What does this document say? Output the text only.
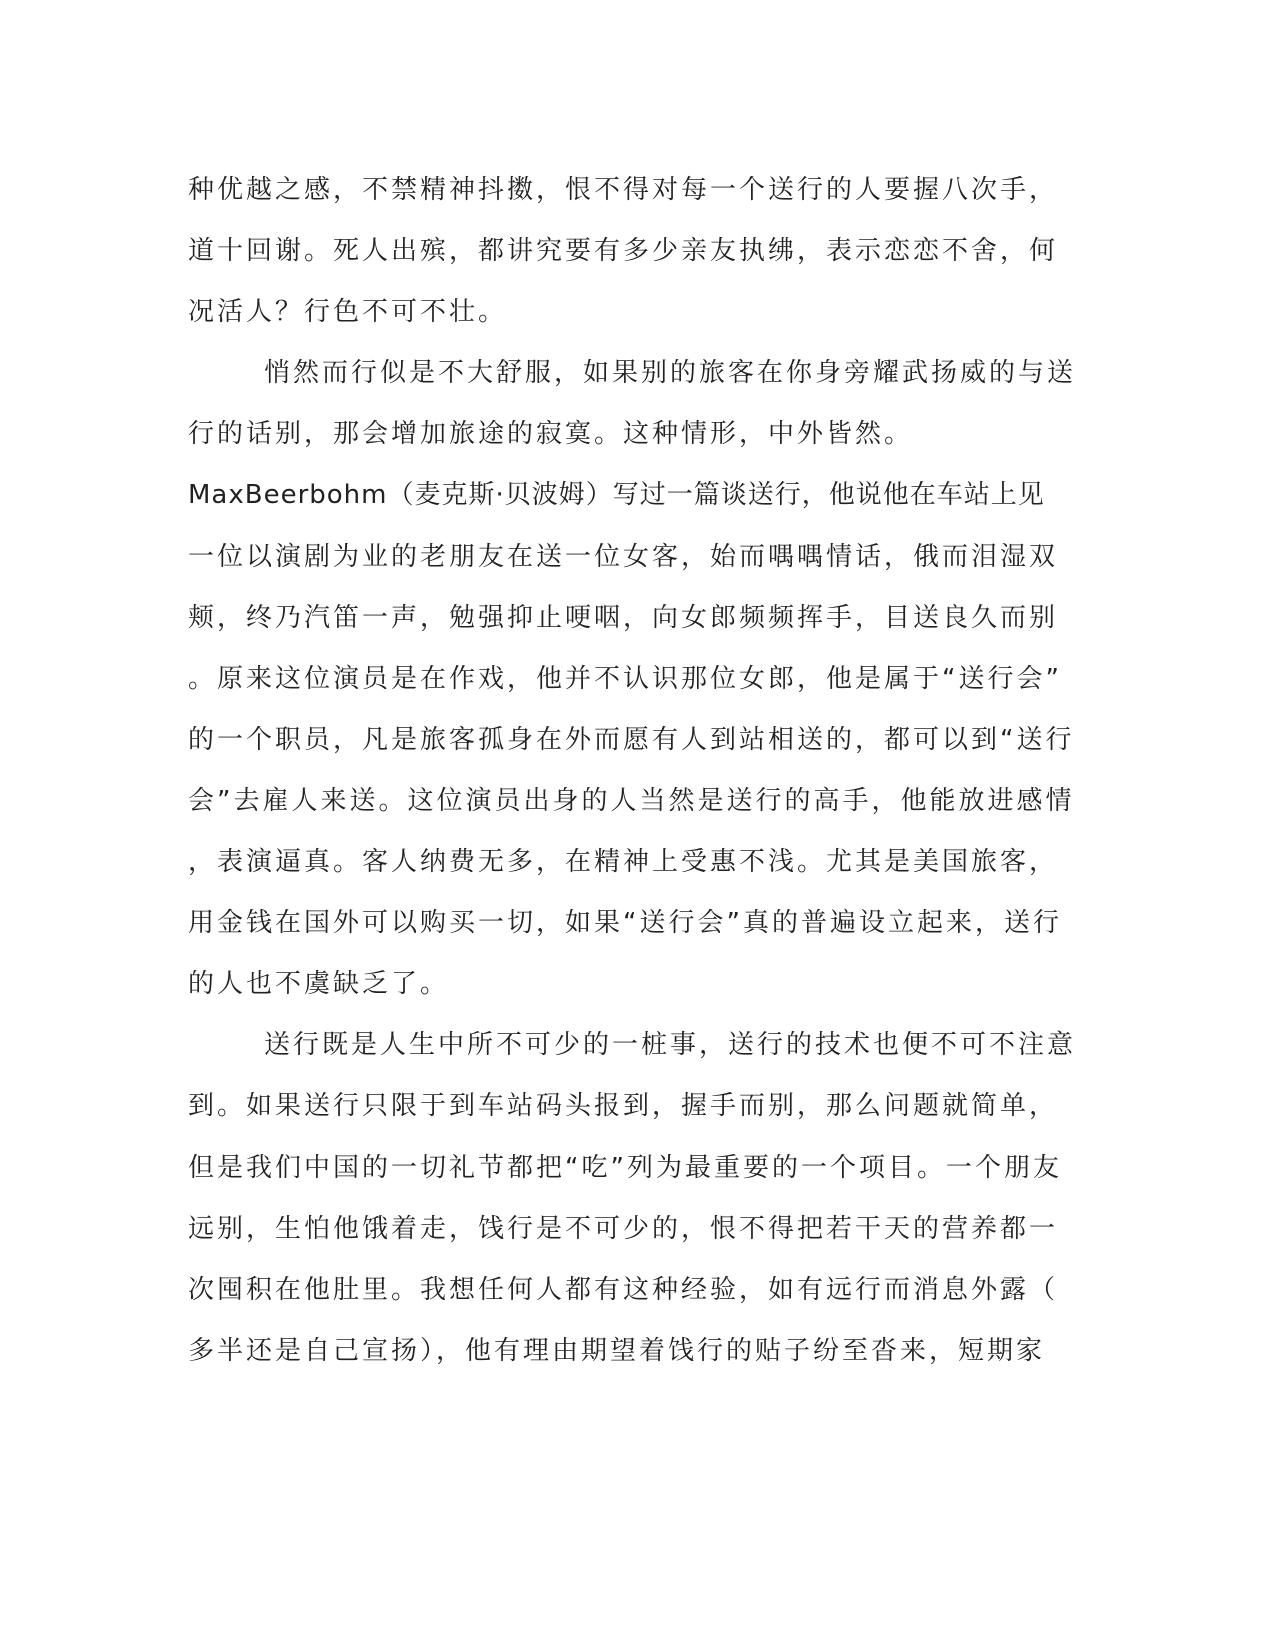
种优越之感，不禁精神抖擞，恨不得对每一个送行的人要握八次手，
道十回谢。死人出殡，都讲究要有多少亲友执绋，表示恋恋不舍，何
况活人？行色不可不壮。
悄然而行似是不大舒服，如果别的旅客在你身旁耀武扬威的与送
行的话别，那会增加旅途的寂寞。这种情形，中外皆然。
MaxBeerbohm（麦克斯·贝波姆）写过一篇谈送行，他说他在车站上见
一位以演剧为业的老朋友在送一位女客，始而喁喁情话，俄而泪湿双
颊，终乃汽笛一声，勉强抑止哽咽，向女郎频频挥手，目送良久而别
。原来这位演员是在作戏，他并不认识那位女郎，他是属于“送行会”
的一个职员，凡是旅客孤身在外而愿有人到站相送的，都可以到“送行
会”去雇人来送。这位演员出身的人当然是送行的高手，他能放进感情
，表演逼真。客人纳费无多，在精神上受惠不浅。尤其是美国旅客，
用金钱在国外可以购买一切，如果“送行会”真的普遍设立起来，送行
的人也不虞缺乏了。
送行既是人生中所不可少的一桩事，送行的技术也便不可不注意
到。如果送行只限于到车站码头报到，握手而别，那么问题就简单，
但是我们中国的一切礼节都把“吃”列为最重要的一个项目。一个朋友
远别，生怕他饿着走，饯行是不可少的，恨不得把若干天的营养都一
次囤积在他肚里。我想任何人都有这种经验，如有远行而消息外露（
多半还是自己宣扬），他有理由期望着饯行的贴子纷至沓来，短期家
